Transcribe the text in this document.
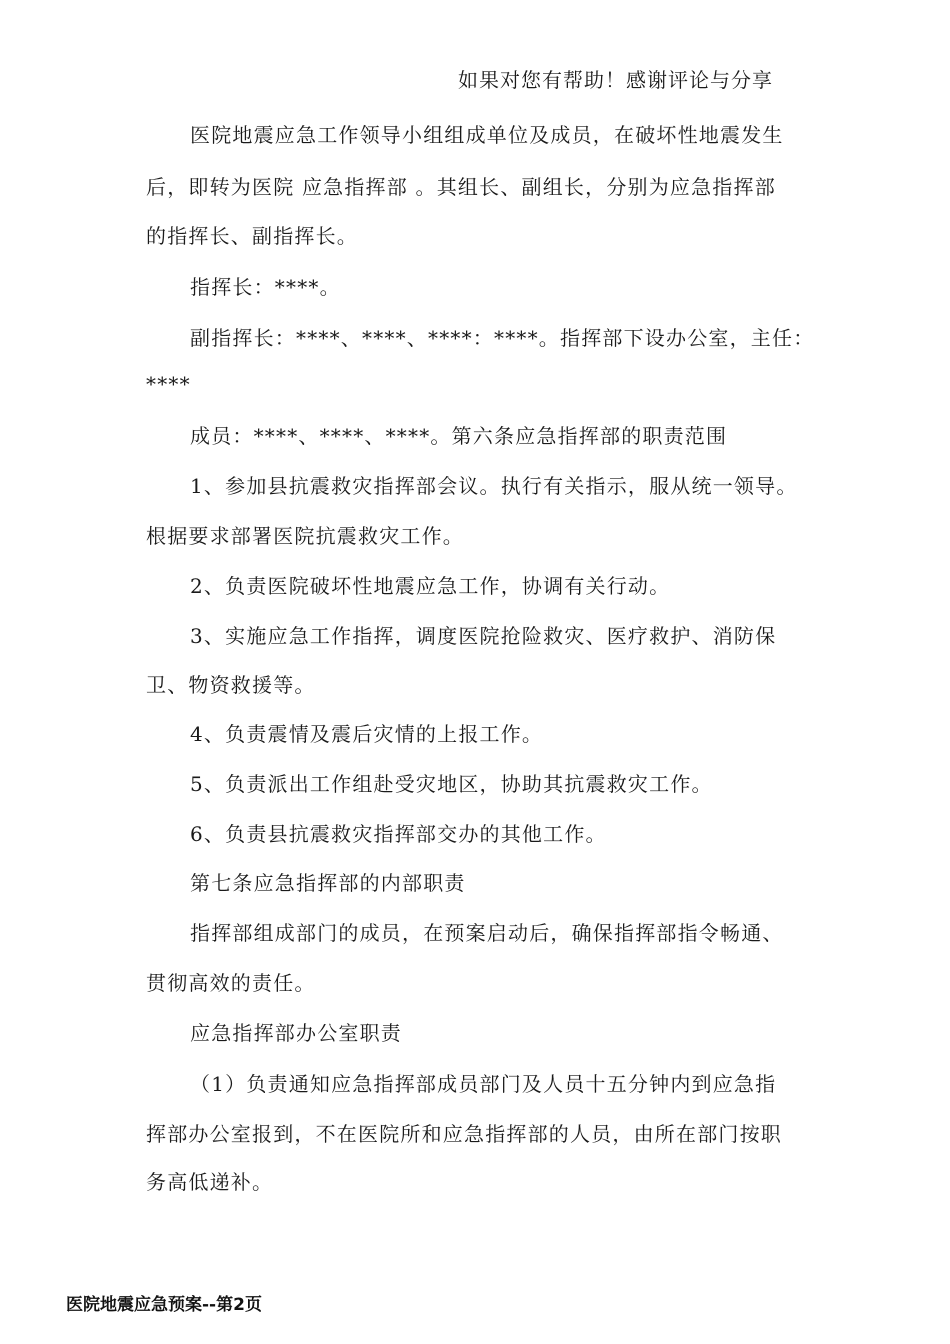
如果对您有帮助！感谢评论与分享
医院地震应急工作领导小组组成单位及成员，在破坏性地震发生
后，即转为医院 应急指挥部 。其组长、副组长，分别为应急指挥部
的指挥长、副指挥长。
指挥长：****。
副指挥长：****、****、****：****。指挥部下设办公室，主任：
****
成员：****、****、****。第六条应急指挥部的职责范围
1、参加县抗震救灾指挥部会议。执行有关指示，服从统一领导。
根据要求部署医院抗震救灾工作。
2、负责医院破坏性地震应急工作，协调有关行动。
3、实施应急工作指挥，调度医院抢险救灾、医疗救护、消防保
卫、物资救援等。
4、负责震情及震后灾情的上报工作。
5、负责派出工作组赴受灾地区，协助其抗震救灾工作。
6、负责县抗震救灾指挥部交办的其他工作。
第七条应急指挥部的内部职责
指挥部组成部门的成员，在预案启动后，确保指挥部指令畅通、
贯彻高效的责任。
应急指挥部办公室职责
（1）负责通知应急指挥部成员部门及人员十五分钟内到应急指
挥部办公室报到，不在医院所和应急指挥部的人员，由所在部门按职
务高低递补。
医院地震应急预案--第2页
